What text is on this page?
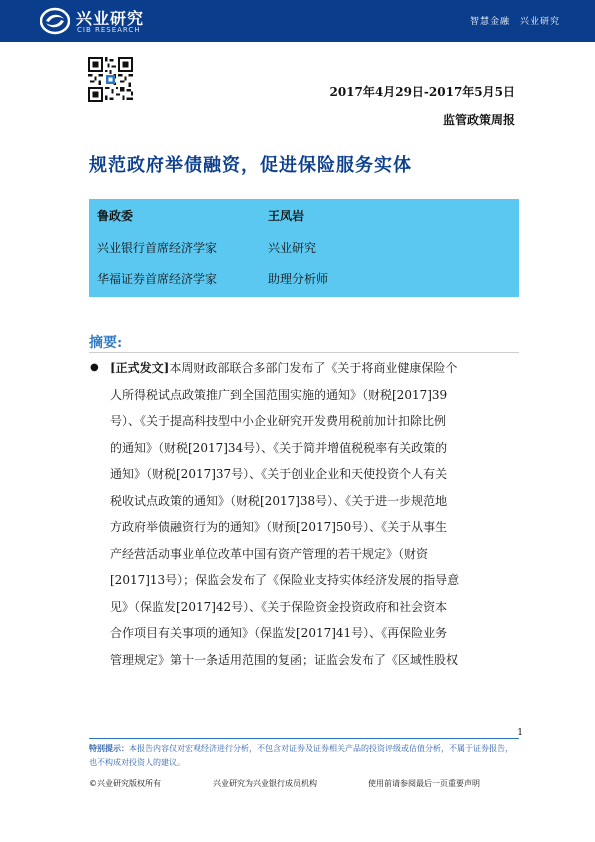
兴业研究
CIB RESEARCH
智慧金融　兴业研究
2017年4月29日-2017年5月5日
监管政策周报
规范政府举债融资，促进保险服务实体
鲁政委
兴业银行首席经济学家
华福证券首席经济学家
王凤岩
兴业研究
助理分析师
摘要:
● [正式发文]本周财政部联合多部门发布了《关于将商业健康保险个
人所得税试点政策推广到全国范围实施的通知》（财税[2017]39
号）、《关于提高科技型中小企业研究开发费用税前加计扣除比例
的通知》（财税[2017]34号）、《关于简并增值税税率有关政策的
通知》（财税[2017]37号）、《关于创业企业和天使投资个人有关
税收试点政策的通知》（财税[2017]38号）、《关于进一步规范地
方政府举债融资行为的通知》（财预[2017]50号）、《关于从事生
产经营活动事业单位改革中国有资产管理的若干规定》（财资
[2017]13号）；保监会发布了《保险业支持实体经济发展的指导意
见》（保监发[2017]42号）、《关于保险资金投资政府和社会资本
合作项目有关事项的通知》（保监发[2017]41号）、《再保险业务
管理规定》第十一条适用范围的复函；证监会发布了《区域性股权
1
特别提示：本报告内容仅对宏观经济进行分析，不包含对证券及证券相关产品的投资评级或估值分析，不属于证券报告，也不构成对投资人的建议。
©兴业研究版权所有	兴业研究为兴业银行成员机构	使用前请参阅最后一页重要声明
